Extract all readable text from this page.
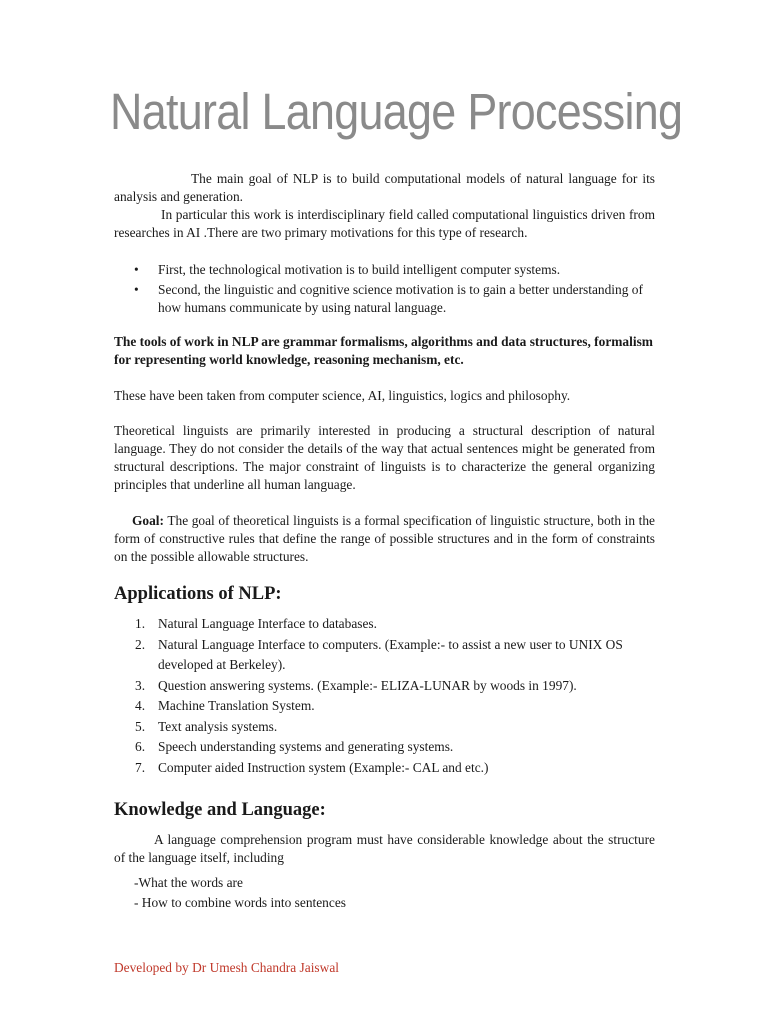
Natural Language Processing

The main goal of NLP is to build computational models of natural language for its analysis and generation.

In particular this work is interdisciplinary field called computational linguistics driven from researches in AI .There are two primary motivations for this type of research.

• First, the technological motivation is to build intelligent computer systems.
• Second, the linguistic and cognitive science motivation is to gain a better understanding of how humans communicate by using natural language.

The tools of work in NLP are grammar formalisms, algorithms and data structures, formalism for representing world knowledge, reasoning mechanism, etc.

These have been taken from computer science, AI, linguistics, logics and philosophy.

Theoretical linguists are primarily interested in producing a structural description of natural language. They do not consider the details of the way that actual sentences might be generated from structural descriptions. The major constraint of linguists is to characterize the general organizing principles that underline all human language.

Goal: The goal of theoretical linguists is a formal specification of linguistic structure, both in the form of constructive rules that define the range of possible structures and in the form of constraints on the possible allowable structures.

Applications of NLP:
1. Natural Language Interface to databases.
2. Natural Language Interface to computers. (Example:- to assist a new user to UNIX OS developed at Berkeley).
3. Question answering systems. (Example:- ELIZA-LUNAR by woods in 1997).
4. Machine Translation System.
5. Text analysis systems.
6. Speech understanding systems and generating systems.
7. Computer aided Instruction system (Example:- CAL and etc.)
Knowledge and Language:

A language comprehension program must have considerable knowledge about the structure of the language itself, including

-What the words are

- How to combine words into sentences

Developed by Dr Umesh Chandra Jaiswal
